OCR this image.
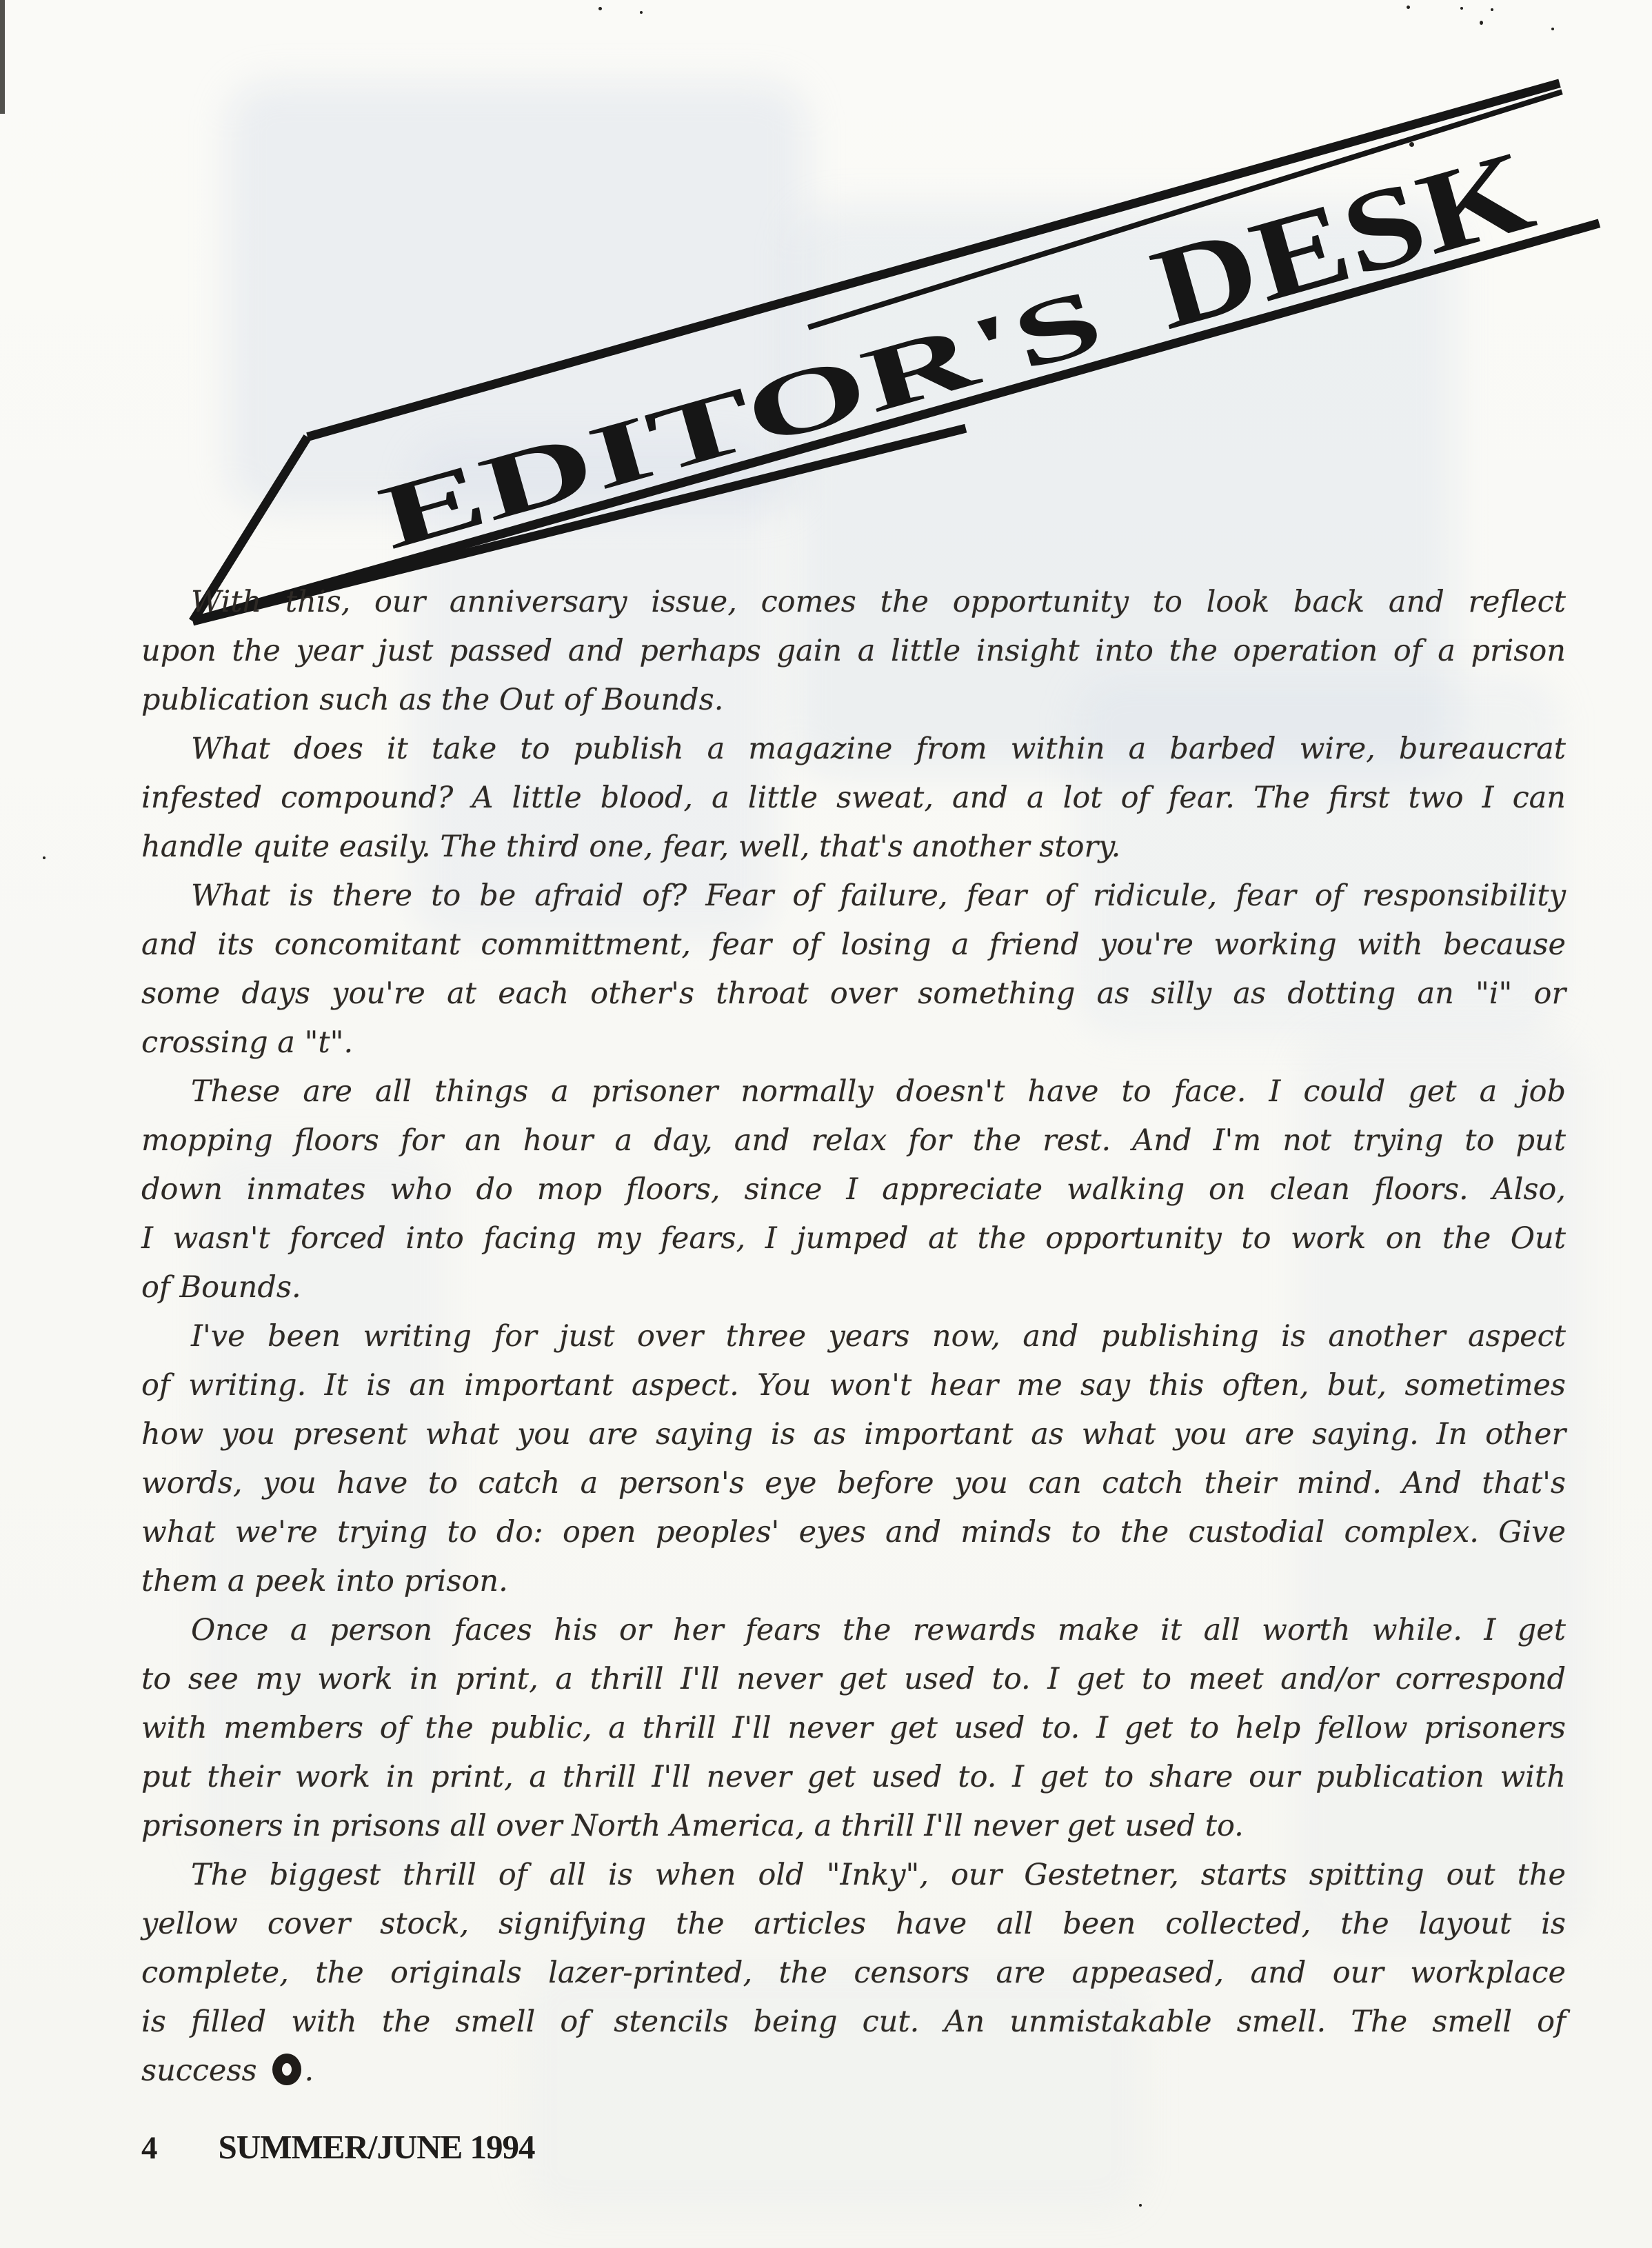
EDITOR'S
DESK
With this, our anniversary issue, comes the opportunity to look back and reflect
upon the year just passed and perhaps gain a little insight into the operation of a prison
publication such as the Out of Bounds.
What does it take to publish a magazine from within a barbed wire, bureaucrat
infested compound? A little blood, a little sweat, and a lot of fear. The first two I can
handle quite easily. The third one, fear, well, that's another story.
What is there to be afraid of? Fear of failure, fear of ridicule, fear of responsibility
and its concomitant committment, fear of losing a friend you're working with because
some days you're at each other's throat over something as silly as dotting an "i" or
crossing a "t".
These are all things a prisoner normally doesn't have to face. I could get a job
mopping floors for an hour a day, and relax for the rest. And I'm not trying to put
down inmates who do mop floors, since I appreciate walking on clean floors. Also,
I wasn't forced into facing my fears, I jumped at the opportunity to work on the Out
of Bounds.
I've been writing for just over three years now, and publishing is another aspect
of writing. It is an important aspect. You won't hear me say this often, but, sometimes
how you present what you are saying is as important as what you are saying. In other
words, you have to catch a person's eye before you can catch their mind. And that's
what we're trying to do: open peoples' eyes and minds to the custodial complex. Give
them a peek into prison.
Once a person faces his or her fears the rewards make it all worth while. I get
to see my work in print, a thrill I'll never get used to. I get to meet and/or correspond
with members of the public, a thrill I'll never get used to. I get to help fellow prisoners
put their work in print, a thrill I'll never get used to. I get to share our publication with
prisoners in prisons all over North America, a thrill I'll never get used to.
The biggest thrill of all is when old "Inky", our Gestetner, starts spitting out the
yellow cover stock, signifying the articles have all been collected, the layout is
complete, the originals lazer-printed, the censors are appeased, and our workplace
is filled with the smell of stencils being cut. An unmistakable smell. The smell of
success .
4 SUMMER/JUNE 1994
